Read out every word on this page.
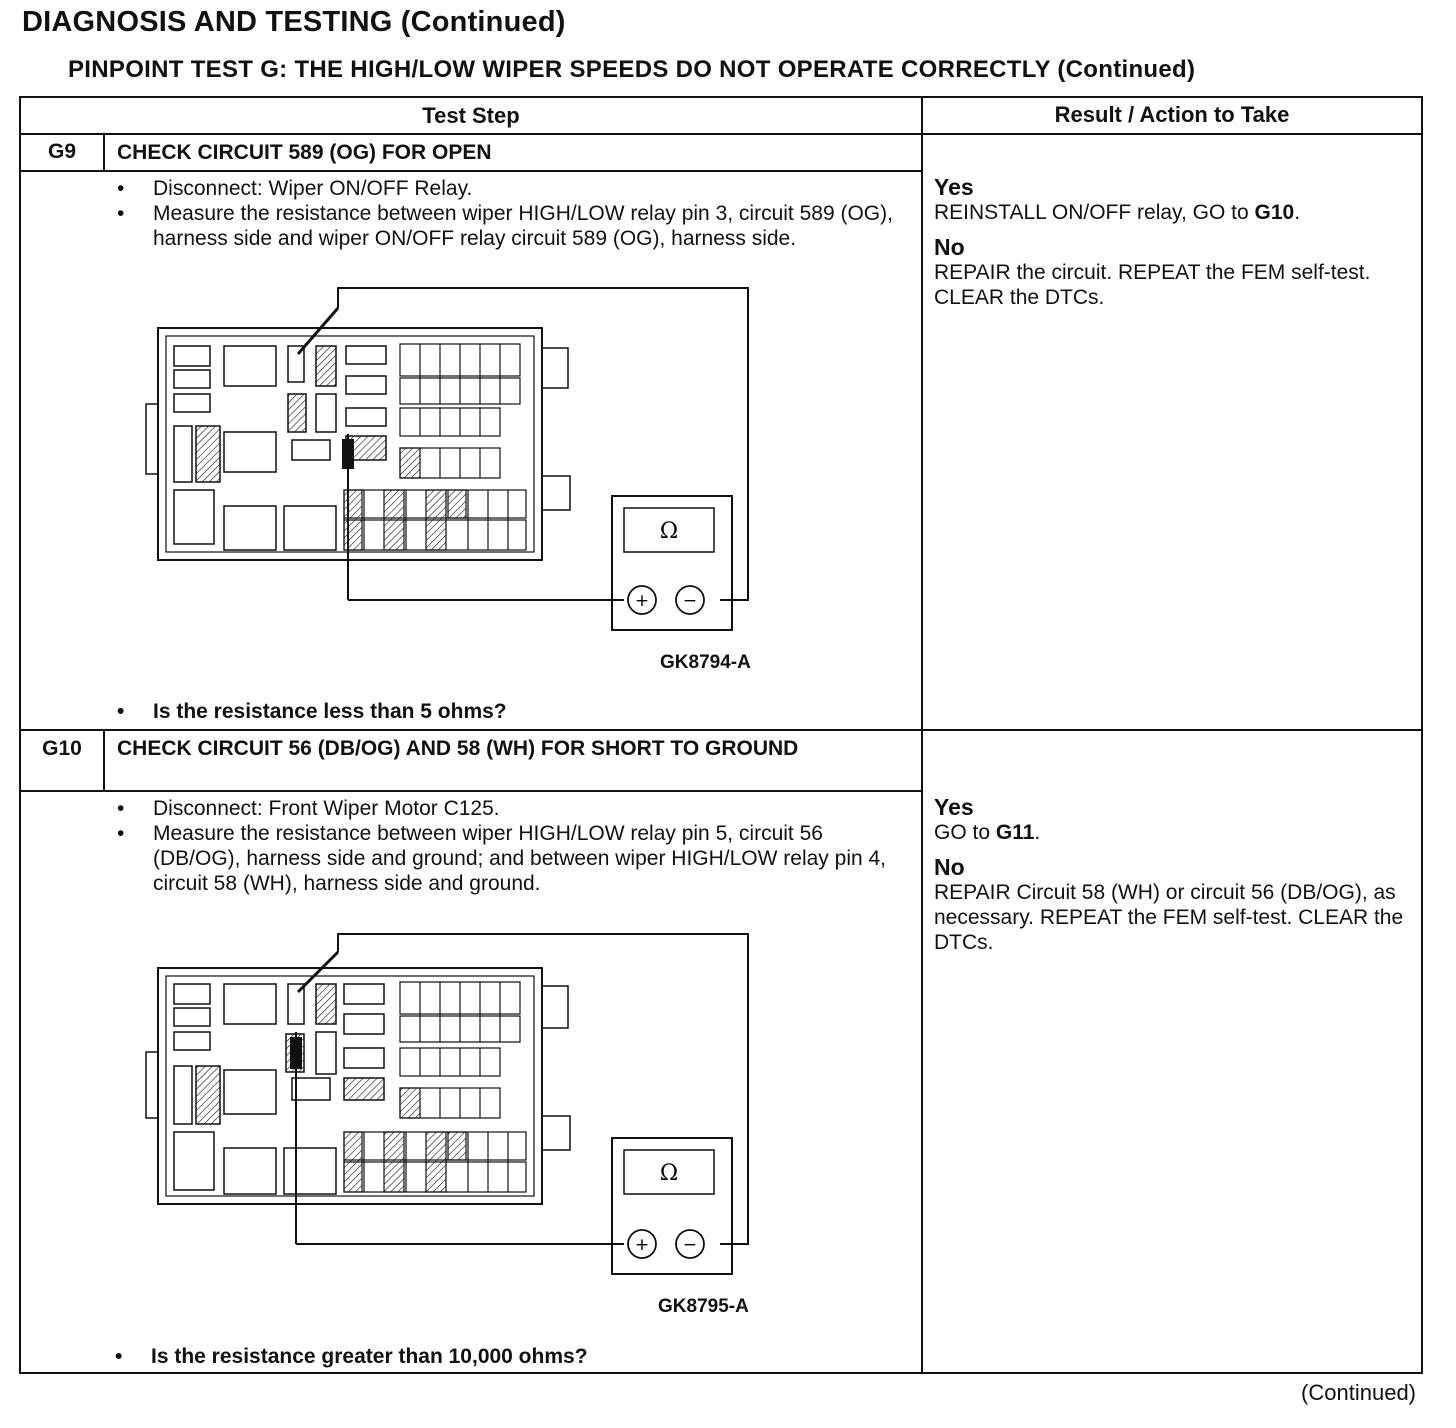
DIAGNOSIS AND TESTING (Continued)
PINPOINT TEST G: THE HIGH/LOW WIPER SPEEDS DO NOT OPERATE CORRECTLY (Continued)
Test Step	Result / Action to Take
G9	CHECK CIRCUIT 589 (OG) FOR OPEN
• Disconnect: Wiper ON/OFF Relay.
• Measure the resistance between wiper HIGH/LOW relay pin 3, circuit 589 (OG), harness side and wiper ON/OFF relay circuit 589 (OG), harness side.
• Is the resistance less than 5 ohms?
Yes
REINSTALL ON/OFF relay, GO to G10.
No
REPAIR the circuit. REPEAT the FEM self-test. CLEAR the DTCs.
G10	CHECK CIRCUIT 56 (DB/OG) AND 58 (WH) FOR SHORT TO GROUND
• Disconnect: Front Wiper Motor C125.
• Measure the resistance between wiper HIGH/LOW relay pin 5, circuit 56 (DB/OG), harness side and ground; and between wiper HIGH/LOW relay pin 4, circuit 58 (WH), harness side and ground.
• Is the resistance greater than 10,000 ohms?
Yes
GO to G11.
No
REPAIR Circuit 58 (WH) or circuit 56 (DB/OG), as necessary. REPEAT the FEM self-test. CLEAR the DTCs.
Ω
+ −
GK8794-A
Ω
+ −
GK8795-A
(Continued)
